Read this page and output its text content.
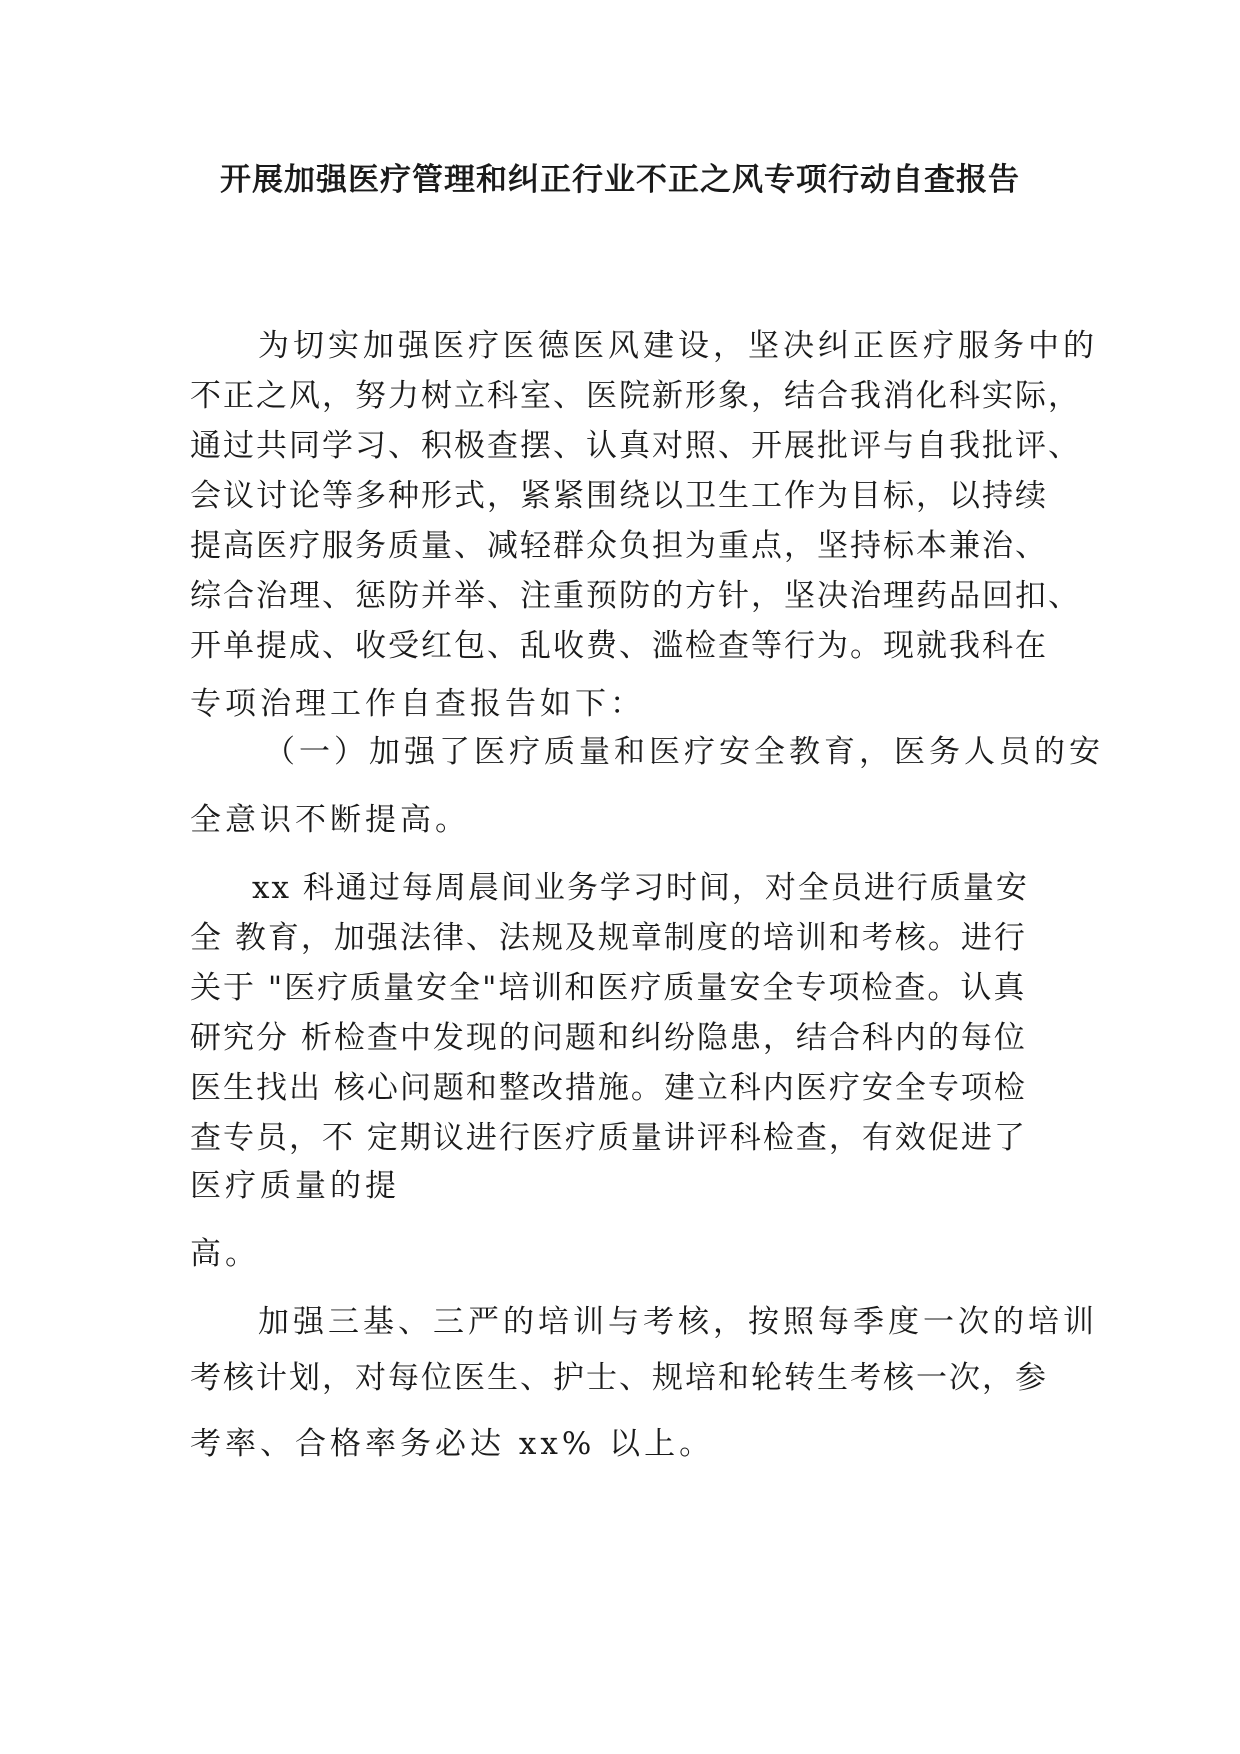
开展加强医疗管理和纠正行业不正之风专项行动自查报告
为切实加强医疗医德医风建设，坚决纠正医疗服务中的
不正之风，努力树立科室、医院新形象，结合我消化科实际，
通过共同学习、积极查摆、认真对照、开展批评与自我批评、
会议讨论等多种形式，紧紧围绕以卫生工作为目标，以持续
提高医疗服务质量、减轻群众负担为重点，坚持标本兼治、
综合治理、惩防并举、注重预防的方针，坚决治理药品回扣、
开单提成、收受红包、乱收费、滥检查等行为。现就我科在
专项治理工作自查报告如下：
（一）加强了医疗质量和医疗安全教育，医务人员的安
全意识不断提高。
xx 科通过每周晨间业务学习时间，对全员进行质量安
全 教育，加强法律、法规及规章制度的培训和考核。进行
关于 "医疗质量安全"培训和医疗质量安全专项检查。认真
研究分 析检查中发现的问题和纠纷隐患，结合科内的每位
医生找出 核心问题和整改措施。建立科内医疗安全专项检
查专员，不 定期议进行医疗质量讲评科检查，有效促进了
医疗质量的提
高。
加强三基、三严的培训与考核，按照每季度一次的培训
考核计划，对每位医生、护士、规培和轮转生考核一次，参
考率、合格率务必达 xx% 以上。
